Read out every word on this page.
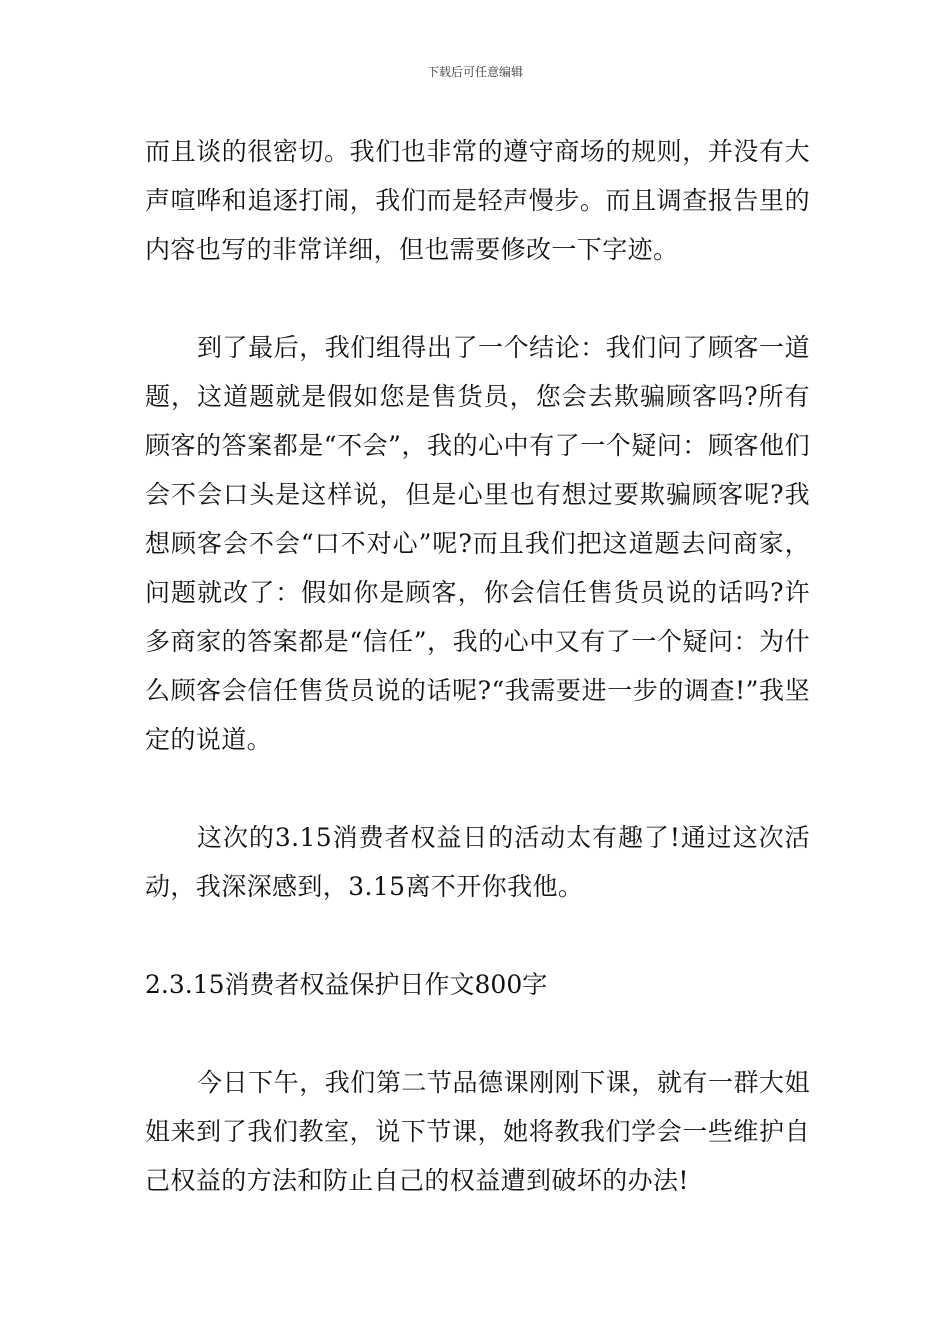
下载后可任意编辑

而且谈的很密切。我们也非常的遵守商场的规则，并没有大声喧哗和追逐打闹，我们而是轻声慢步。而且调查报告里的内容也写的非常详细，但也需要修改一下字迹。

到了最后，我们组得出了一个结论：我们问了顾客一道题，这道题就是假如您是售货员，您会去欺骗顾客吗?所有顾客的答案都是“不会”，我的心中有了一个疑问：顾客他们会不会口头是这样说，但是心里也有想过要欺骗顾客呢?我想顾客会不会“口不对心”呢?而且我们把这道题去问商家，问题就改了：假如你是顾客，你会信任售货员说的话吗?许多商家的答案都是“信任”，我的心中又有了一个疑问：为什么顾客会信任售货员说的话呢?“我需要进一步的调查!”我坚定的说道。

这次的3.15消费者权益日的活动太有趣了!通过这次活动，我深深感到，3.15离不开你我他。

2.3.15消费者权益保护日作文800字

今日下午，我们第二节品德课刚刚下课，就有一群大姐姐来到了我们教室，说下节课，她将教我们学会一些维护自己权益的方法和防止自己的权益遭到破坏的办法!
